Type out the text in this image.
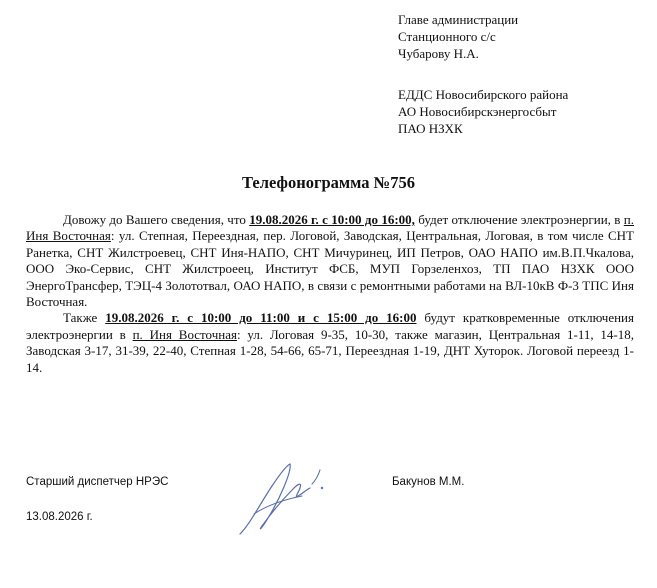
Главе администрации
Станционного с/с
Чубарову Н.А.
ЕДДС Новосибирского района
АО Новосибирскэнергосбыт
ПАО НЗХК
Телефонограмма №756

Довожу до Вашего сведения, что 19.08.2026 г. с 10:00 до 16:00, будет отключение электроэнергии, в п. Иня Восточная: ул. Степная, Переездная, пер. Логовой, Заводская, Центральная, Логовая, в том числе СНТ Ранетка, СНТ Жилстроевец, СНТ Иня-НАПО, СНТ Мичуринец, ИП Петров, ОАО НАПО им.В.П.Чкалова, ООО Эко-Сервис, СНТ Жилстроеец, Институт ФСБ, МУП Горзеленхоз, ТП ПАО НЗХК ООО ЭнергоТрансфер, ТЭЦ-4 Золототвал, ОАО НАПО, в связи с ремонтными работами на ВЛ-10кВ Ф-3 ТПС Иня Восточная.

Также 19.08.2026 г. с 10:00 до 11:00 и с 15:00 до 16:00 будут кратковременные отключения электроэнергии в п. Иня Восточная: ул. Логовая 9-35, 10-30, также магазин, Центральная 1-11, 14-18, Заводская 3-17, 31-39, 22-40, Степная 1-28, 54-66, 65-71, Переездная 1-19, ДНТ Хуторок. Логовой переезд 1-14.

Старший диспетчер НРЭС	Бакунов М.М.
13.08.2026 г.
